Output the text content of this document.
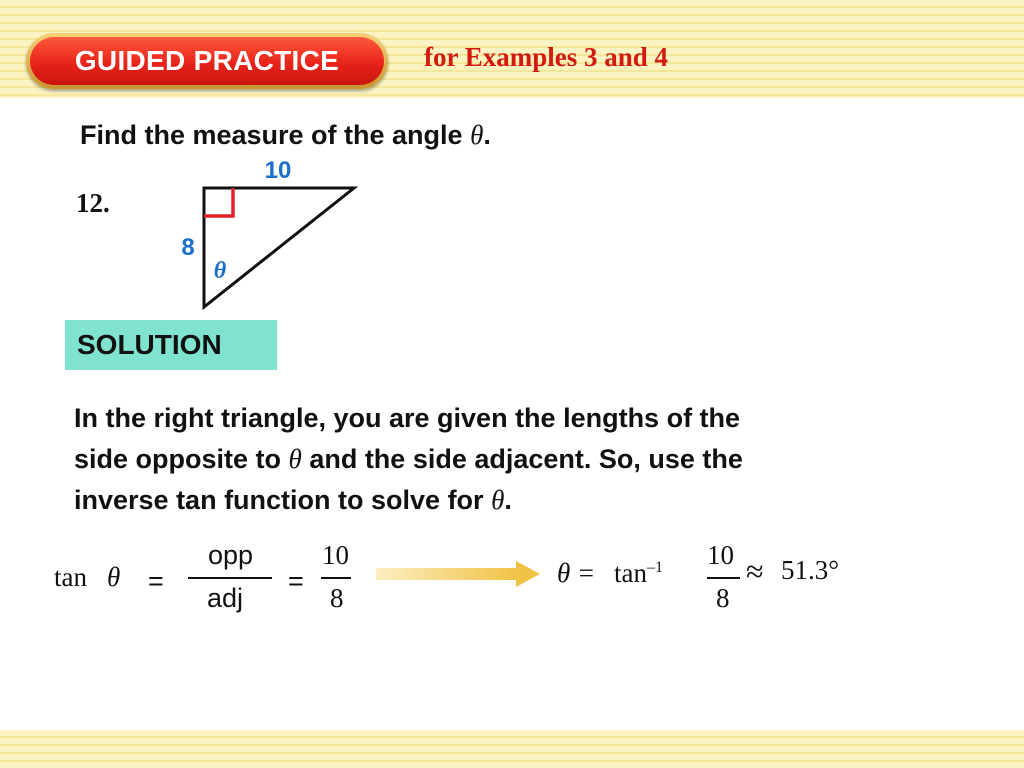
GUIDED PRACTICE	for Examples 3 and 4
Find the measure of the angle θ.
12.
10
8
θ
SOLUTION
In the right triangle, you are given the lengths of the
side opposite to θ and the side adjacent. So, use the
inverse tan function to solve for θ.
tan θ =
opp
adj
=
10
8
$\theta = \tan^{-1} 10$
8
≈ 51.3°
